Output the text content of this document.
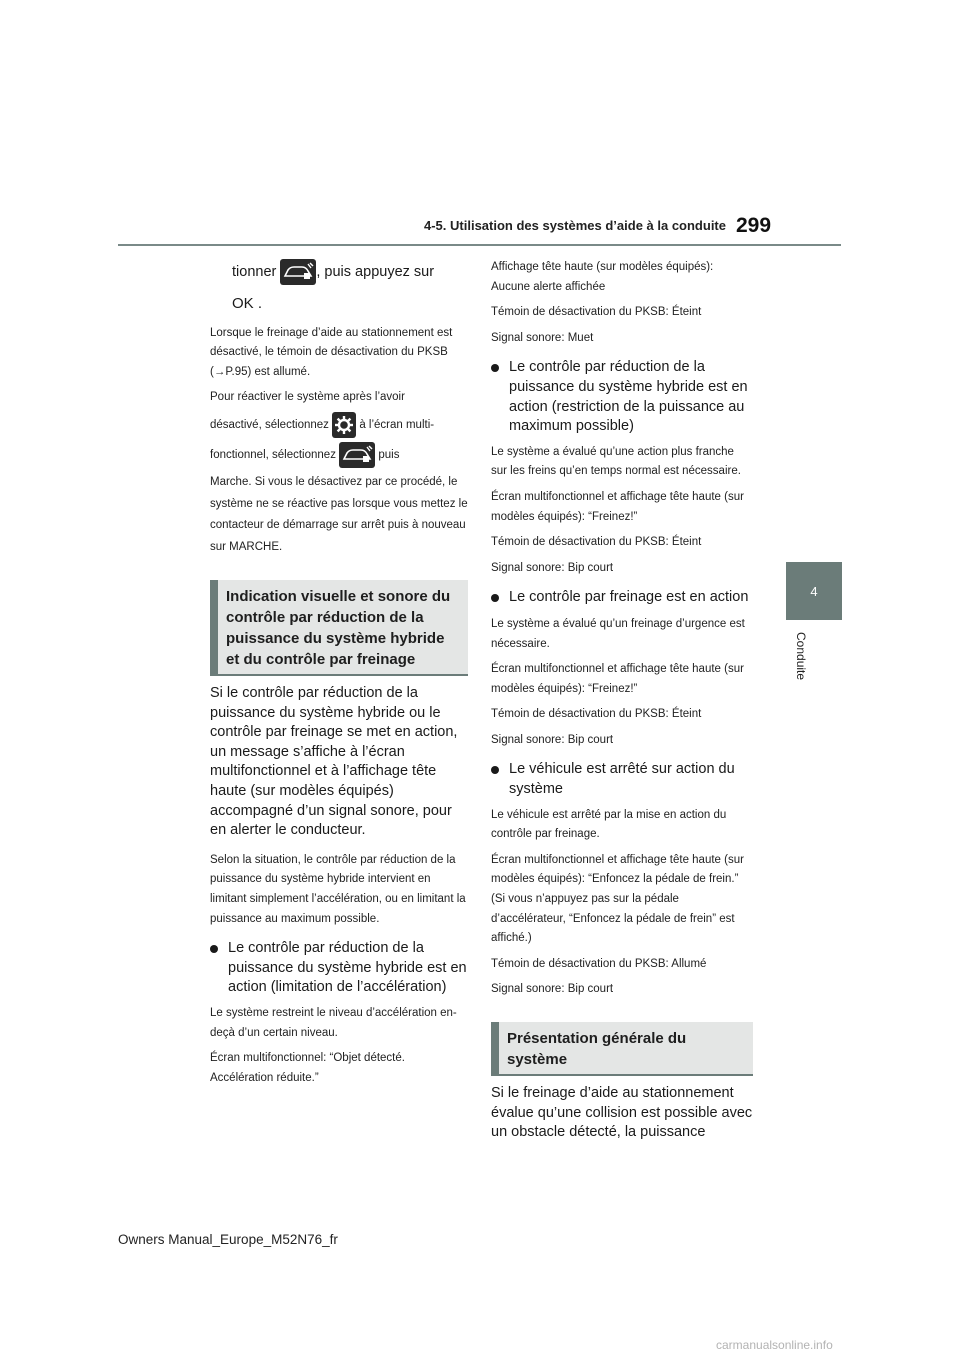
4-5. Utilisation des systèmes d’aide à la conduite 299
4
Conduite

tionner	, puis appuyez sur

OK .

Lorsque le freinage d’aide au stationnement est désactivé, le témoin de désactivation du PKSB (→P.95) est allumé.

Pour réactiver le système après l’avoir

désactivé, sélectionnez	à l’écran multi-

fonctionnel, sélectionnez	puis

Marche. Si vous le désactivez par ce procédé, le système ne se réactive pas lorsque vous mettez le contacteur de démarrage sur arrêt puis à nouveau sur MARCHE.

Indication visuelle et sonore du contrôle par réduction de la puissance du système hybride et du contrôle par freinage

Si le contrôle par réduction de la puissance du système hybride ou le contrôle par freinage se met en action, un message s’affiche à l’écran multifonctionnel et à l’affichage tête haute (sur modèles équipés) accompagné d’un signal sonore, pour en alerter le conducteur.

Selon la situation, le contrôle par réduction de la puissance du système hybride intervient en limitant simplement l’accélération, ou en limitant la puissance au maximum possible.

Le contrôle par réduction de la puissance du système hybride est en action (limitation de l’accélération)

Le système restreint le niveau d’accélération en-deçà d’un certain niveau.

Écran multifonctionnel: “Objet détecté. Accélération réduite.”

Affichage tête haute (sur modèles équipés): Aucune alerte affichée

Témoin de désactivation du PKSB: Éteint

Signal sonore: Muet

Le contrôle par réduction de la puissance du système hybride est en action (restriction de la puissance au maximum possible)

Le système a évalué qu’une action plus franche sur les freins qu’en temps normal est nécessaire.

Écran multifonctionnel et affichage tête haute (sur modèles équipés): “Freinez!”

Témoin de désactivation du PKSB: Éteint

Signal sonore: Bip court

Le contrôle par freinage est en action

Le système a évalué qu’un freinage d’urgence est nécessaire.

Écran multifonctionnel et affichage tête haute (sur modèles équipés): “Freinez!”

Témoin de désactivation du PKSB: Éteint

Signal sonore: Bip court

Le véhicule est arrêté sur action du système

Le véhicule est arrêté par la mise en action du contrôle par freinage.

Écran multifonctionnel et affichage tête haute (sur modèles équipés): “Enfoncez la pédale de frein.” (Si vous n’appuyez pas sur la pédale d’accélérateur, “Enfoncez la pédale de frein” est affiché.)

Témoin de désactivation du PKSB: Allumé

Signal sonore: Bip court

Présentation générale du système

Si le freinage d’aide au stationnement évalue qu’une collision est possible avec un obstacle détecté, la puissance

Owners Manual_Europe_M52N76_fr
carmanualsonline.info
